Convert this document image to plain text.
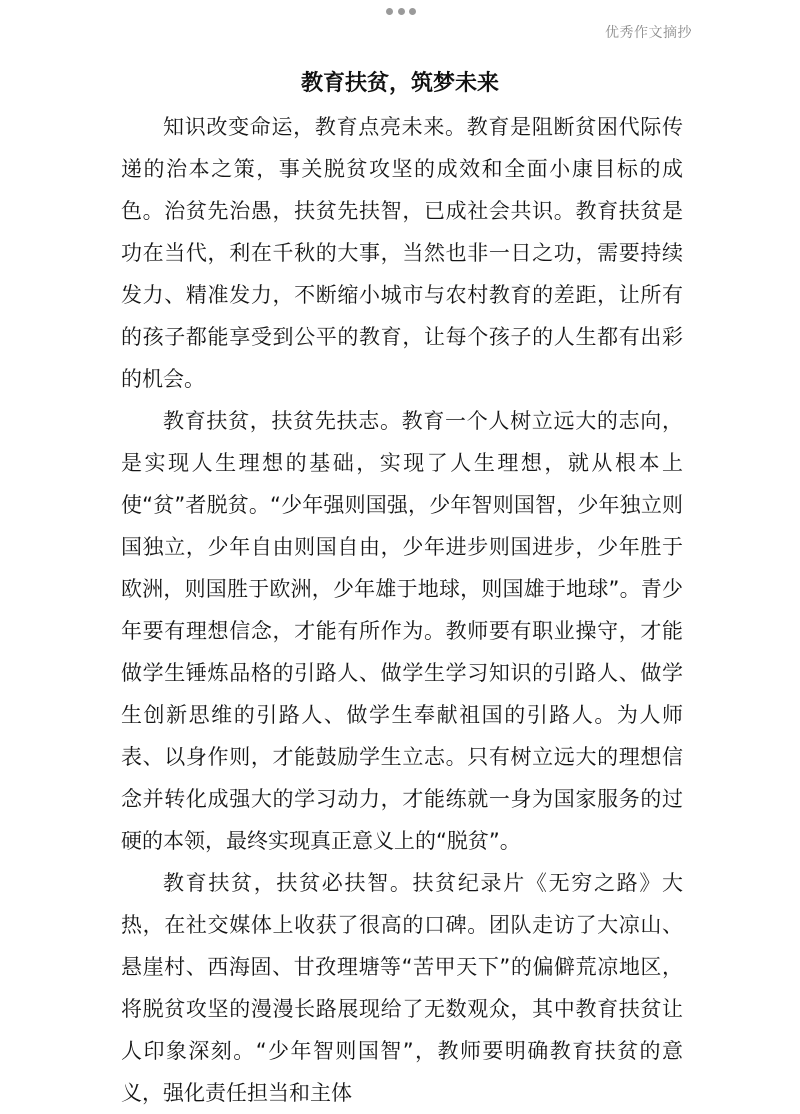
优秀作文摘抄
教育扶贫，筑梦未来

知识改变命运，教育点亮未来。教育是阻断贫困代际传递的治本之策，事关脱贫攻坚的成效和全面小康目标的成色。治贫先治愚，扶贫先扶智，已成社会共识。教育扶贫是功在当代，利在千秋的大事，当然也非一日之功，需要持续发力、精准发力，不断缩小城市与农村教育的差距，让所有的孩子都能享受到公平的教育，让每个孩子的人生都有出彩的机会。

教育扶贫，扶贫先扶志。教育一个人树立远大的志向，是实现人生理想的基础，实现了人生理想，就从根本上使“贫”者脱贫。“少年强则国强，少年智则国智，少年独立则国独立，少年自由则国自由，少年进步则国进步，少年胜于欧洲，则国胜于欧洲，少年雄于地球，则国雄于地球”。青少年要有理想信念，才能有所作为。教师要有职业操守，才能做学生锤炼品格的引路人、做学生学习知识的引路人、做学生创新思维的引路人、做学生奉献祖国的引路人。为人师表、以身作则，才能鼓励学生立志。只有树立远大的理想信念并转化成强大的学习动力，才能练就一身为国家服务的过硬的本领，最终实现真正意义上的“脱贫”。

教育扶贫，扶贫必扶智。扶贫纪录片《无穷之路》大热，在社交媒体上收获了很高的口碑。团队走访了大凉山、悬崖村、西海固、甘孜理塘等“苦甲天下”的偏僻荒凉地区，将脱贫攻坚的漫漫长路展现给了无数观众，其中教育扶贫让人印象深刻。“少年智则国智”，教师要明确教育扶贫的意义，强化责任担当和主体
